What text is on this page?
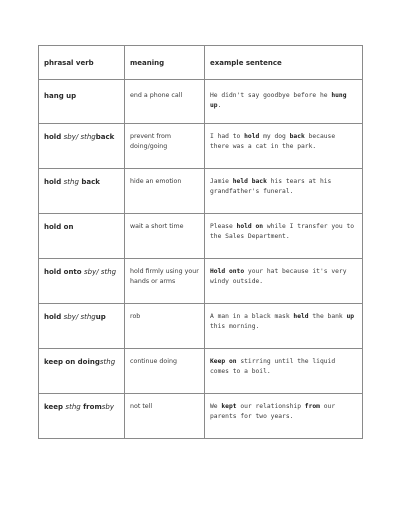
phrasal verb	meaning	example sentence
hang up	end a phone call	He didn't say goodbye before he hung up.
hold sby/ sthgback	prevent from doing/going	I had to hold my dog back because there was a cat in the park.
hold sthg back	hide an emotion	Jamie held back his tears at his grandfather's funeral.
hold on	wait a short time	Please hold on while I transfer you to the Sales Department.
hold onto sby/ sthg	hold firmly using your hands or arms	Hold onto your hat because it's very windy outside.
hold sby/ sthgup	rob	A man in a black mask held the bank up this morning.
keep on doingsthg	continue doing	Keep on stirring until the liquid comes to a boil.
keep sthg fromsby	not tell	We kept our relationship from our parents for two years.
